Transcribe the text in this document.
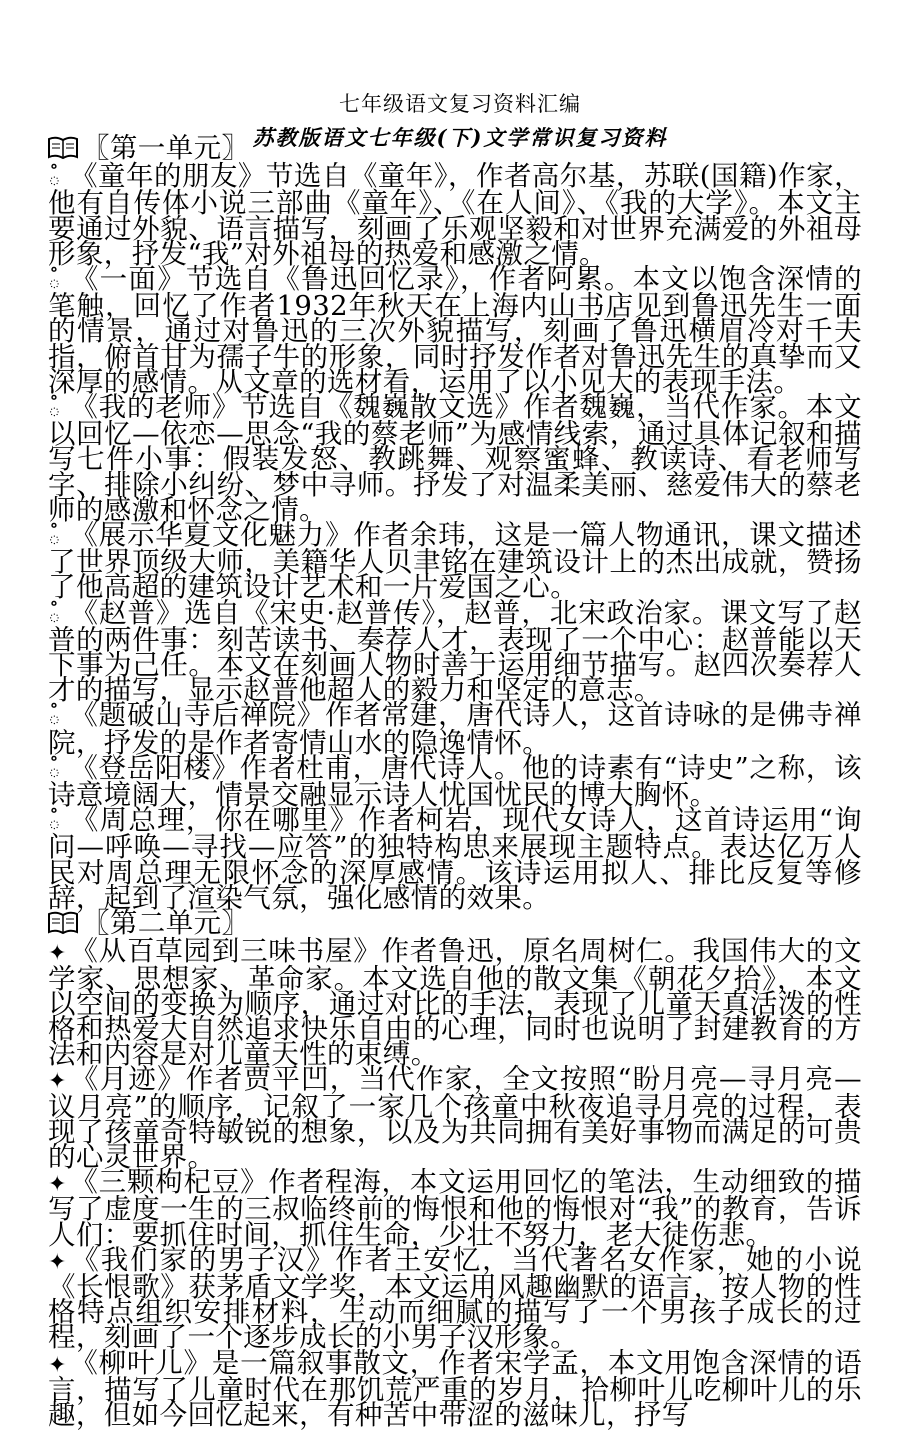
七年级语文复习资料汇编
苏教版语文七年级(下)文学常识复习资料
〖第一单元〗
ఄ 《童年的朋友》节选自《童年》，作者高尔基，苏联(国籍)作家，他有自传体小说三部曲《童年》、《在人间》、《我的大学》。本文主要通过外貌、语言描写，刻画了乐观坚毅和对世界充满爱的外祖母形象，抒发“我”对外祖母的热爱和感激之情。
ఄ 《一面》节选自《鲁迅回忆录》，作者阿累。本文以饱含深情的笔触，回忆了作者1932年秋天在上海内山书店见到鲁迅先生一面的情景，通过对鲁迅的三次外貌描写，刻画了鲁迅横眉冷对千夫指，俯首甘为孺子牛的形象，同时抒发作者对鲁迅先生的真挚而又深厚的感情。从文章的选材看，运用了以小见大的表现手法。
ఄ 《我的老师》节选自《魏巍散文选》作者魏巍，当代作家。本文以回忆—依恋—思念“我的蔡老师”为感情线索，通过具体记叙和描写七件小事：假装发怒、教跳舞、观察蜜蜂、教读诗、看老师写字、排除小纠纷、梦中寻师。抒发了对温柔美丽、慈爱伟大的蔡老师的感激和怀念之情。
ఄ 《展示华夏文化魅力》作者余玮，这是一篇人物通讯，课文描述了世界顶级大师，美籍华人贝聿铭在建筑设计上的杰出成就，赞扬了他高超的建筑设计艺术和一片爱国之心。
ఄ 《赵普》选自《宋史·赵普传》，赵普，北宋政治家。课文写了赵普的两件事：刻苦读书、奏荐人才，表现了一个中心：赵普能以天下事为己任。本文在刻画人物时善于运用细节描写。赵四次奏荐人才的描写，显示赵普他超人的毅力和坚定的意志。
ఄ 《题破山寺后禅院》作者常建，唐代诗人，这首诗咏的是佛寺禅院，抒发的是作者寄情山水的隐逸情怀。
ఄ 《登岳阳楼》作者杜甫，唐代诗人。他的诗素有“诗史”之称，该诗意境阔大，情景交融显示诗人忧国忧民的博大胸怀。
ఄ 《周总理，你在哪里》作者柯岩，现代女诗人，这首诗运用“询问—呼唤—寻找—应答”的独特构思来展现主题特点。表达亿万人民对周总理无限怀念的深厚感情。该诗运用拟人、排比反复等修辞，起到了渲染气氛，强化感情的效果。
〖第二单元〗
✦ 《从百草园到三味书屋》作者鲁迅，原名周树仁。我国伟大的文学家、思想家、革命家。本文选自他的散文集《朝花夕拾》，本文以空间的变换为顺序，通过对比的手法，表现了儿童天真活泼的性格和热爱大自然追求快乐自由的心理，同时也说明了封建教育的方法和内容是对儿童天性的束缚。
✦ 《月迹》作者贾平凹，当代作家，全文按照“盼月亮—寻月亮—议月亮”的顺序，记叙了一家几个孩童中秋夜追寻月亮的过程，表现了孩童奇特敏锐的想象，以及为共同拥有美好事物而满足的可贵的心灵世界。
✦ 《三颗枸杞豆》作者程海，本文运用回忆的笔法，生动细致的描写了虚度一生的三叔临终前的悔恨和他的悔恨对“我”的教育，告诉人们：要抓住时间，抓住生命，少壮不努力，老大徒伤悲。
✦ 《我们家的男子汉》作者王安忆，当代著名女作家，她的小说《长恨歌》获茅盾文学奖，本文运用风趣幽默的语言，按人物的性格特点组织安排材料，生动而细腻的描写了一个男孩子成长的过程，刻画了一个逐步成长的小男子汉形象。
✦ 《柳叶儿》是一篇叙事散文，作者宋学孟，本文用饱含深情的语言，描写了儿童时代在那饥荒严重的岁月，拾柳叶儿吃柳叶儿的乐趣，但如今回忆起来，有种苦中带涩的滋味儿，抒写
